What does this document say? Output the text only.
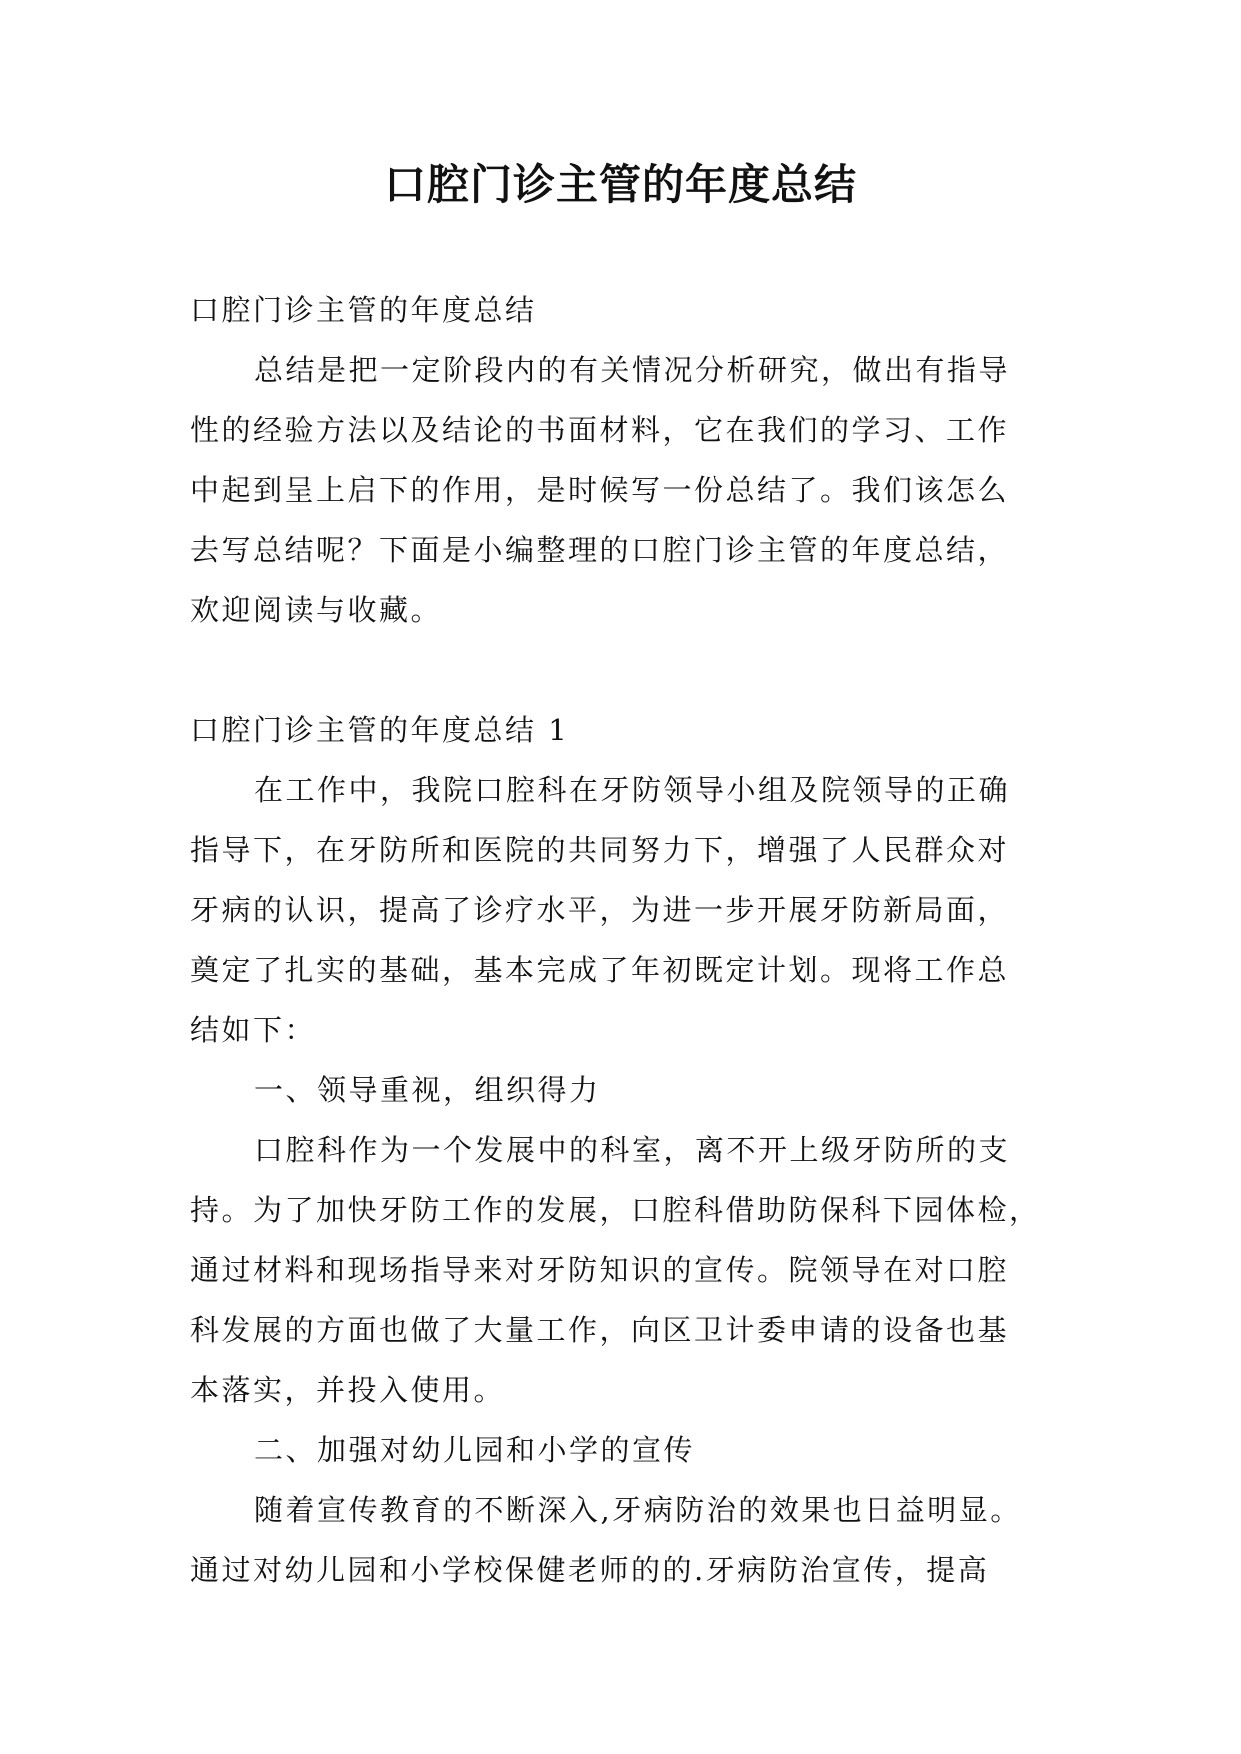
口腔门诊主管的年度总结
口腔门诊主管的年度总结
总结是把一定阶段内的有关情况分析研究，做出有指导
性的经验方法以及结论的书面材料，它在我们的学习、工作
中起到呈上启下的作用，是时候写一份总结了。我们该怎么
去写总结呢？下面是小编整理的口腔门诊主管的年度总结，
欢迎阅读与收藏。
口腔门诊主管的年度总结 1
在工作中，我院口腔科在牙防领导小组及院领导的正确
指导下，在牙防所和医院的共同努力下，增强了人民群众对
牙病的认识，提高了诊疗水平，为进一步开展牙防新局面，
奠定了扎实的基础，基本完成了年初既定计划。现将工作总
结如下：
一、领导重视，组织得力
口腔科作为一个发展中的科室，离不开上级牙防所的支
持。为了加快牙防工作的发展，口腔科借助防保科下园体检，
通过材料和现场指导来对牙防知识的宣传。院领导在对口腔
科发展的方面也做了大量工作，向区卫计委申请的设备也基
本落实，并投入使用。
二、加强对幼儿园和小学的宣传
随着宣传教育的不断深入,牙病防治的效果也日益明显。
通过对幼儿园和小学校保健老师的的.牙病防治宣传，提高
